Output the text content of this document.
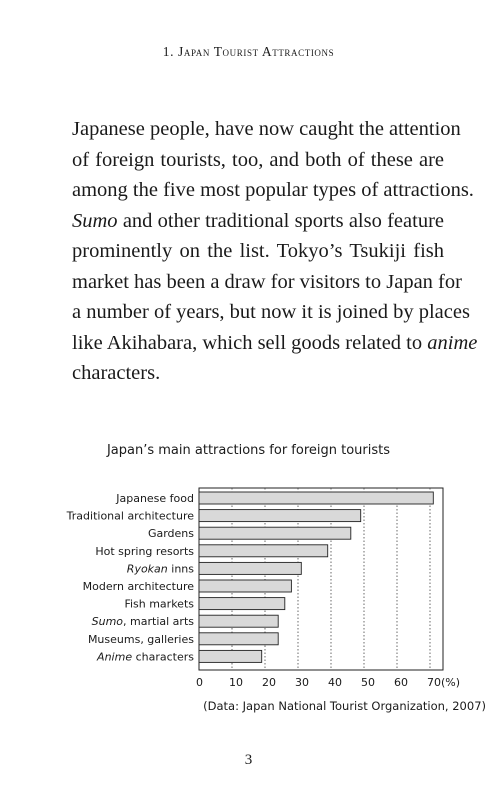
1. Japan Tourist Attractions
Japanese people, have now caught the attention
of foreign tourists, too, and both of these are
among the five most popular types of attractions.
Sumo and other traditional sports also feature
prominently on the list. Tokyo’s Tsukiji fish
market has been a draw for visitors to Japan for
a number of years, but now it is joined by places
like Akihabara, which sell goods related to anime
characters.
Japan’s main attractions for foreign tourists
Japanese food
Traditional architecture
Gardens
Hot spring resorts
Ryokan inns
Modern architecture
Fish markets
Sumo, martial arts
Museums, galleries
Anime characters
0 10 20 30 40 50 60 70(%)
(Data: Japan National Tourist Organization, 2007)
3
